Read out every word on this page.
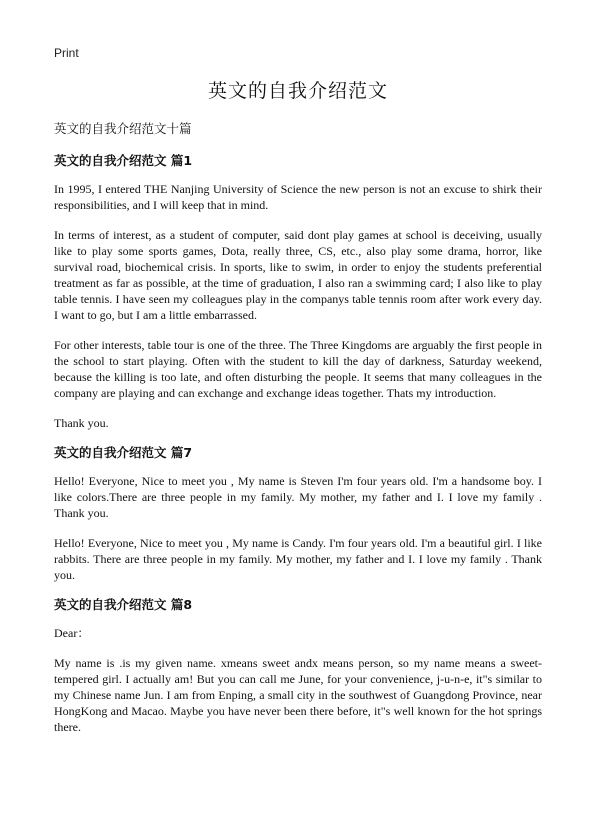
Print
英文的自我介绍范文
英文的自我介绍范文十篇
英文的自我介绍范文 篇1

In 1995, I entered THE Nanjing University of Science the new person is not an excuse to shirk their responsibilities, and I will keep that in mind.

In terms of interest, as a student of computer, said dont play games at school is deceiving, usually like to play some sports games, Dota, really three, CS, etc., also play some drama, horror, like survival road, biochemical crisis. In sports, like to swim, in order to enjoy the students preferential treatment as far as possible, at the time of graduation, I also ran a swimming card; I also like to play table tennis. I have seen my colleagues play in the companys table tennis room after work every day. I want to go, but I am a little embarrassed.

For other interests, table tour is one of the three. The Three Kingdoms are arguably the first people in the school to start playing. Often with the student to kill the day of darkness, Saturday weekend, because the killing is too late, and often disturbing the people. It seems that many colleagues in the company are playing and can exchange and exchange ideas together. Thats my introduction.

Thank you.

英文的自我介绍范文 篇7

Hello! Everyone, Nice to meet you , My name is Steven I'm four years old. I'm a handsome boy. I like colors.There are three people in my family. My mother, my father and I. I love my family . Thank you.

Hello! Everyone, Nice to meet you , My name is Candy. I'm four years old. I'm a beautiful girl. I like rabbits. There are three people in my family. My mother, my father and I. I love my family . Thank you.

英文的自我介绍范文 篇8

Dear：

My name is .is my given name. xmeans sweet andx means person, so my name means a sweet-tempered girl. I actually am! But you can call me June, for your convenience, j-u-n-e, it"s similar to my Chinese name Jun. I am from Enping, a small city in the southwest of Guangdong Province, near HongKong and Macao. Maybe you have never been there before, it"s well known for the hot springs there.
